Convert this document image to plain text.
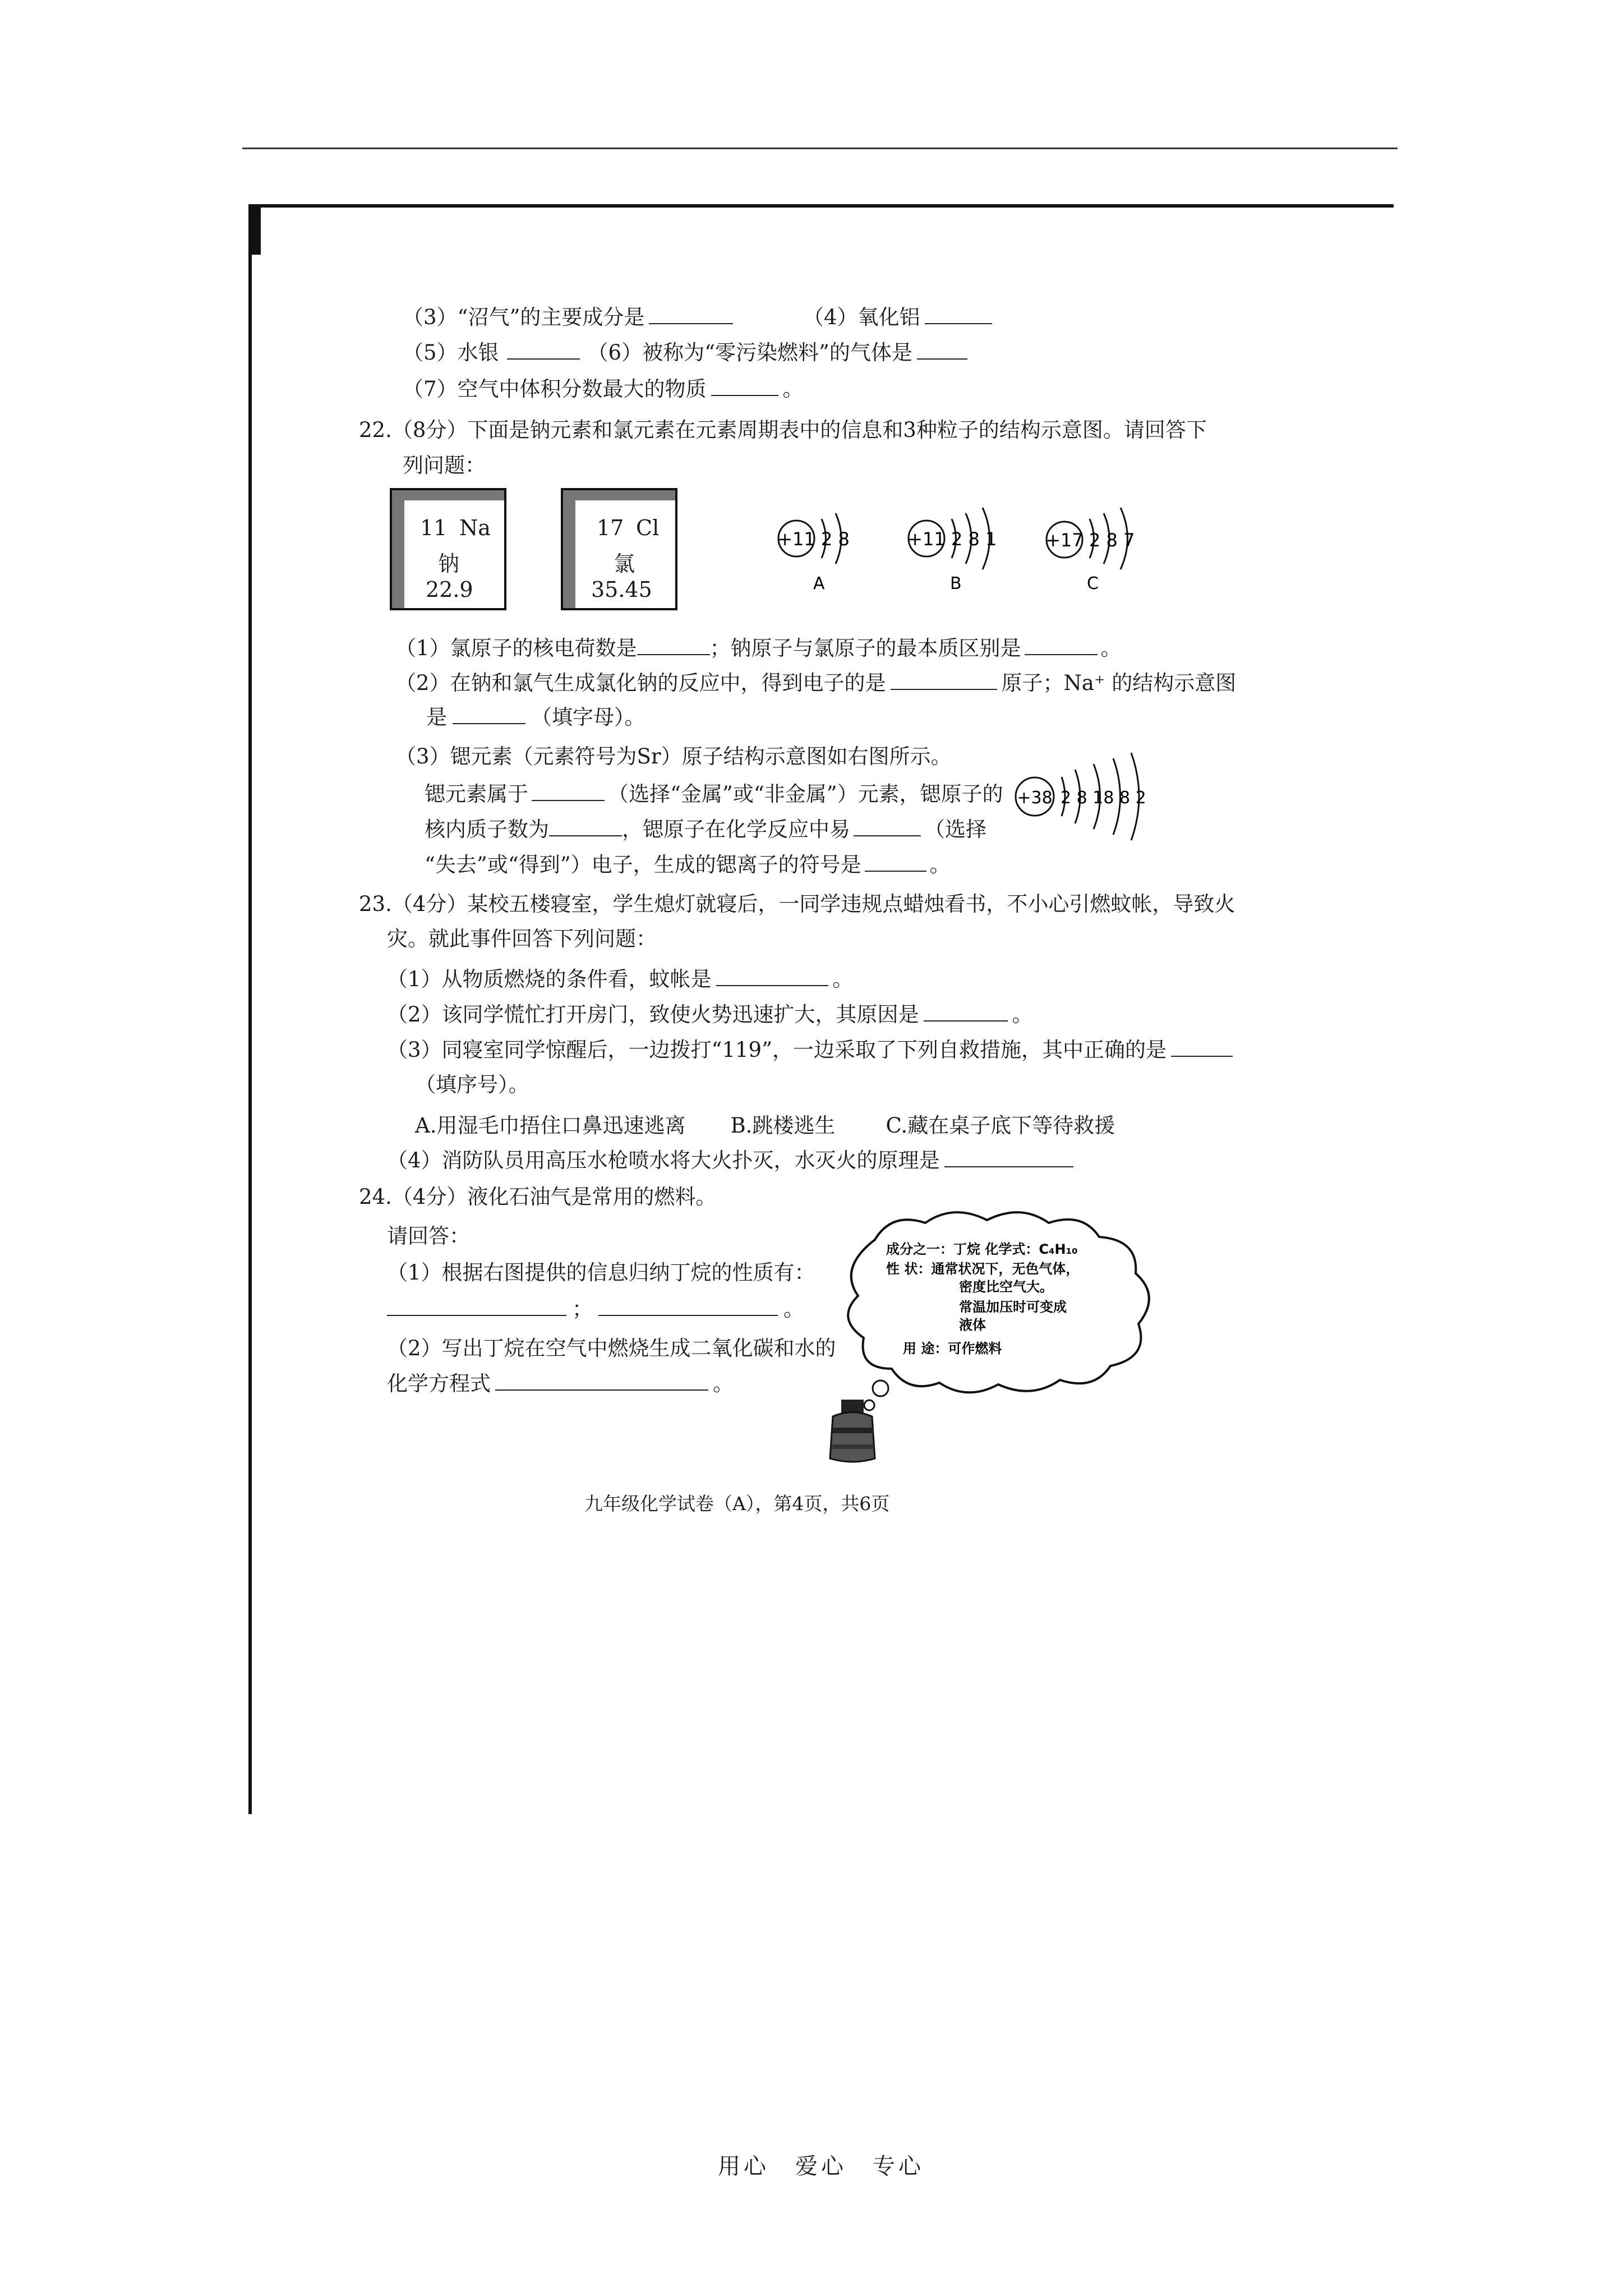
（3）“沼气”的主要成分是	（4）氧化铝
（5）水银	（6）被称为“零污染燃料”的气体是
（7）空气中体积分数最大的物质	。
22.（8分）下面是钠元素和氯元素在元素周期表中的信息和3种粒子的结构示意图。请回答下
列问题：
11 Na
钠
22.9
17 Cl
氯
35.45
+11 2 8
A
+11 2 8 1
B
+17 2 8 7
C
（1）氯原子的核电荷数是	；钠原子与氯原子的最本质区别是	。
（2）在钠和氯气生成氯化钠的反应中，得到电子的是	原子；Na⁺ 的结构示意图
是	（填字母）。
（3）锶元素（元素符号为Sr）原子结构示意图如右图所示。
锶元素属于	（选择“金属”或“非金属”）元素，锶原子的
核内质子数为	，锶原子在化学反应中易	（选择
“失去”或“得到”）电子，生成的锶离子的符号是	。
+38 2 8 18 8 2
23.（4分）某校五楼寝室，学生熄灯就寝后，一同学违规点蜡烛看书，不小心引燃蚊帐，导致火
灾。就此事件回答下列问题：
（1）从物质燃烧的条件看，蚊帐是	。
（2）该同学慌忙打开房门，致使火势迅速扩大，其原因是	。
（3）同寝室同学惊醒后，一边拨打“119”，一边采取了下列自救措施，其中正确的是
（填序号）。
A.用湿毛巾捂住口鼻迅速逃离 B.跳楼逃生 C.藏在桌子底下等待救援
（4）消防队员用高压水枪喷水将大火扑灭，水灭火的原理是
24.（4分）液化石油气是常用的燃料。
请回答：
（1）根据右图提供的信息归纳丁烷的性质有：
；	。
（2）写出丁烷在空气中燃烧生成二氧化碳和水的
化学方程式	。
成分之一：丁烷 化学式：C₄H₁₀
性 状：通常状况下，无色气体，
密度比空气大。
常温加压时可变成
液体
用 途：可作燃料
九年级化学试卷（A），第4页，共6页
用心　爱心　专心
